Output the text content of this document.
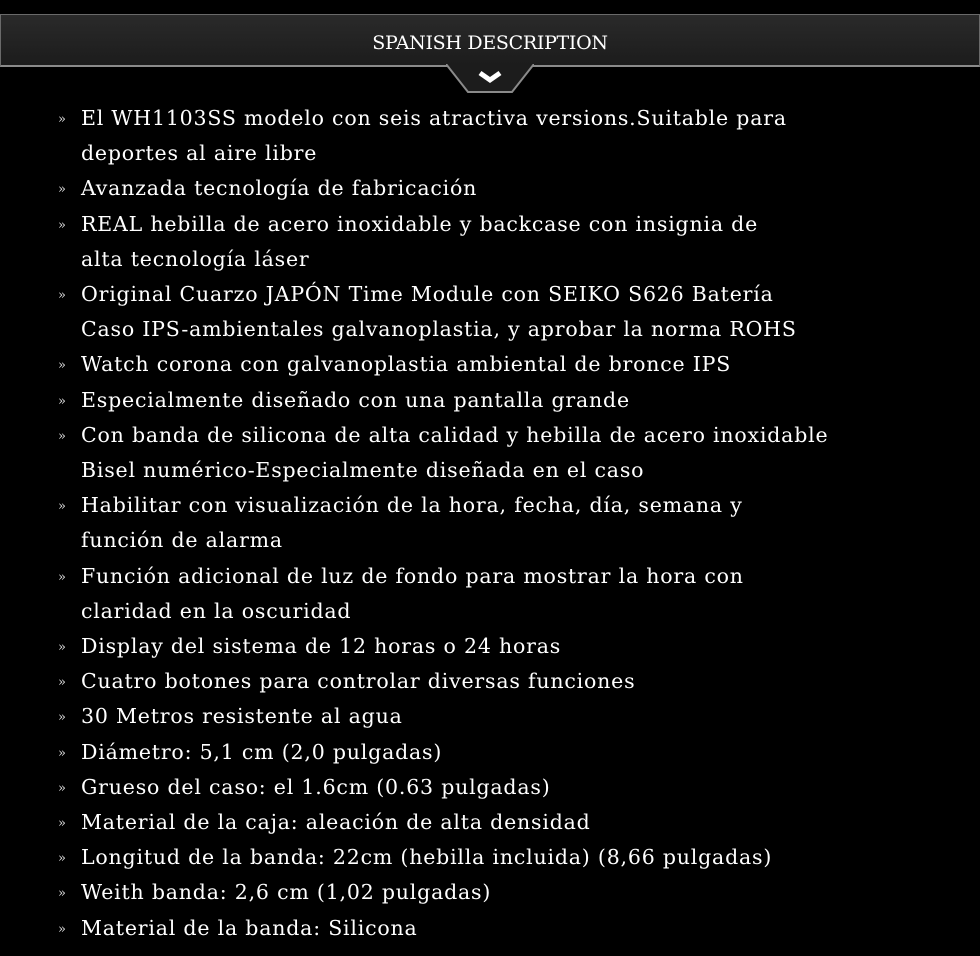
SPANISH DESCRIPTION
» El WH1103SS modelo con seis atractiva versions.Suitable para
deportes al aire libre
» Avanzada tecnología de fabricación
» REAL hebilla de acero inoxidable y backcase con insignia de
alta tecnología láser
» Original Cuarzo JAPÓN Time Module con SEIKO S626 Batería
Caso IPS-ambientales galvanoplastia, y aprobar la norma ROHS
» Watch corona con galvanoplastia ambiental de bronce IPS
» Especialmente diseñado con una pantalla grande
» Con banda de silicona de alta calidad y hebilla de acero inoxidable
Bisel numérico-Especialmente diseñada en el caso
» Habilitar con visualización de la hora, fecha, día, semana y
función de alarma
» Función adicional de luz de fondo para mostrar la hora con
claridad en la oscuridad
» Display del sistema de 12 horas o 24 horas
» Cuatro botones para controlar diversas funciones
» 30 Metros resistente al agua
» Diámetro: 5,1 cm (2,0 pulgadas)
» Grueso del caso: el 1.6cm (0.63 pulgadas)
» Material de la caja: aleación de alta densidad
» Longitud de la banda: 22cm (hebilla incluida) (8,66 pulgadas)
» Weith banda: 2,6 cm (1,02 pulgadas)
» Material de la banda: Silicona
